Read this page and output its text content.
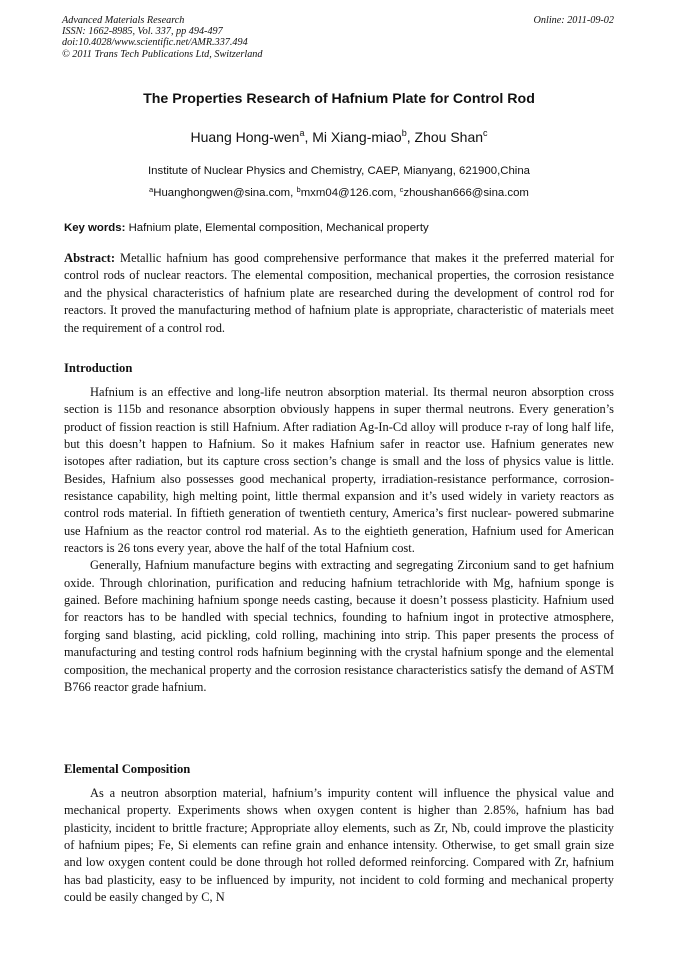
Advanced Materials Research
ISSN: 1662-8985, Vol. 337, pp 494-497
doi:10.4028/www.scientific.net/AMR.337.494
© 2011 Trans Tech Publications Ltd, Switzerland
Online: 2011-09-02
The Properties Research of Hafnium Plate for Control Rod
Huang Hong-wen$^a$, Mi Xiang-miao$^b$, Zhou Shan$^c$
Institute of Nuclear Physics and Chemistry, CAEP, Mianyang, 621900,China
$^a$Huanghongwen@sina.com, $^b$mxm04@126.com, $^c$zhoushan666@sina.com
Key words: Hafnium plate, Elemental composition, Mechanical property

Abstract: Metallic hafnium has good comprehensive performance that makes it the preferred material for control rods of nuclear reactors. The elemental composition, mechanical properties, the corrosion resistance and the physical characteristics of hafnium plate are researched during the development of control rod for reactors. It proved the manufacturing method of hafnium plate is appropriate, characteristic of materials meet the requirement of a control rod.

Introduction

Hafnium is an effective and long-life neutron absorption material. Its thermal neuron absorption cross section is 115b and resonance absorption obviously happens in super thermal neutrons. Every generation’s product of fission reaction is still Hafnium. After radiation Ag-In-Cd alloy will produce r-ray of long half life, but this doesn’t happen to Hafnium. So it makes Hafnium safer in reactor use. Hafnium generates new isotopes after radiation, but its capture cross section’s change is small and the loss of physics value is little. Besides, Hafnium also possesses good mechanical property, irradiation-resistance performance, corrosion-resistance capability, high melting point, little thermal expansion and it’s used widely in variety reactors as control rods material. In fiftieth generation of twentieth century, America’s first nuclear- powered submarine use Hafnium as the reactor control rod material. As to the eightieth generation, Hafnium used for American reactors is 26 tons every year, above the half of the total Hafnium cost.

Generally, Hafnium manufacture begins with extracting and segregating Zirconium sand to get hafnium oxide. Through chlorination, purification and reducing hafnium tetrachloride with Mg, hafnium sponge is gained. Before machining hafnium sponge needs casting, because it doesn’t possess plasticity. Hafnium used for reactors has to be handled with special technics, founding to hafnium ingot in protective atmosphere, forging sand blasting, acid pickling, cold rolling, machining into strip. This paper presents the process of manufacturing and testing control rods hafnium beginning with the crystal hafnium sponge and the elemental composition, the mechanical property and the corrosion resistance characteristics satisfy the demand of ASTM B766 reactor grade hafnium.

Elemental Composition

As a neutron absorption material, hafnium’s impurity content will influence the physical value and mechanical property. Experiments shows when oxygen content is higher than 2.85%, hafnium has bad plasticity, incident to brittle fracture; Appropriate alloy elements, such as Zr, Nb, could improve the plasticity of hafnium pipes; Fe, Si elements can refine grain and enhance intensity. Otherwise, to get small grain size and low oxygen content could be done through hot rolled deformed reinforcing. Compared with Zr, hafnium has bad plasticity, easy to be influenced by impurity, not incident to cold forming and mechanical property could be easily changed by C, N
